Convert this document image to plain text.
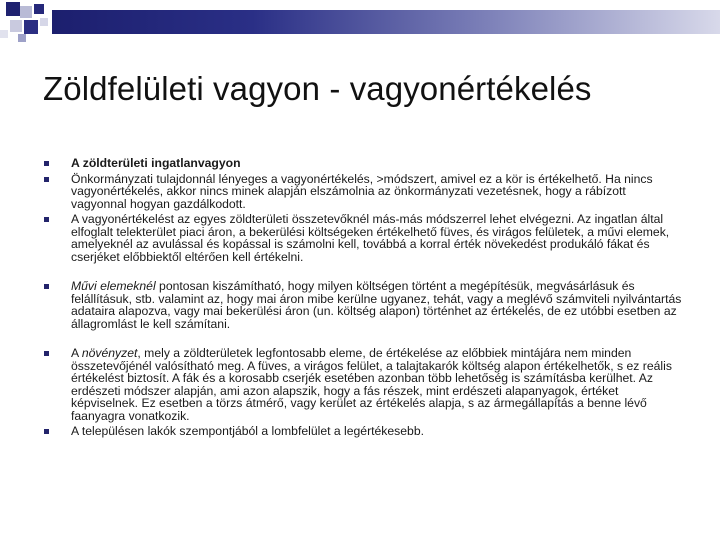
Zöldfelületi vagyon - vagyonértékelés
A zöldterületi ingatlanvagyon
Önkormányzati tulajdonnál lényeges a vagyonértékelés, >módszert, amivel ez a kör is értékelhető. Ha nincs vagyonértékelés, akkor nincs minek alapján elszámolnia az önkormányzati vezetésnek, hogy a rábízott vagyonnal hogyan gazdálkodott.
A vagyonértékelést az egyes zöldterületi összetevőknél más-más módszerrel lehet elvégezni. Az ingatlan által elfoglalt telekterület piaci áron, a bekerülési költségeken értékelhető füves, és virágos felületek, a művi elemek, amelyeknél az avulással és kopással is számolni kell, továbbá a korral érték növekedést produkáló fákat és cserjéket előbbiektől eltérően kell értékelni.
Művi elemeknél pontosan kiszámítható, hogy milyen költségen történt a megépítésük, megvásárlásuk és felállításuk, stb. valamint az, hogy mai áron mibe kerülne ugyanez, tehát, vagy a meglévő számviteli nyilvántartás adataira alapozva, vagy mai bekerülési áron (un. költség alapon) történhet az értékelés, de ez utóbbi esetben az állagromlást le kell számítani.
A növényzet, mely a zöldterületek legfontosabb eleme, de értékelése az előbbiek mintájára nem minden összetevőjénél valósítható meg. A füves, a virágos felület, a talajtakarók költség alapon értékelhetők, s ez reális értékelést biztosít. A fák és a korosabb cserjék esetében azonban több lehetőség is számításba kerülhet. Az erdészeti módszer alapján, ami azon alapszik, hogy a fás részek, mint erdészeti alapanyagok, értéket képviselnek. Ez esetben a törzs átmérő, vagy kerület az értékelés alapja, s az ármegállapítás a benne lévő faanyagra vonatkozik.
A településen lakók szempontjából a lombfelület a legértékesebb.
